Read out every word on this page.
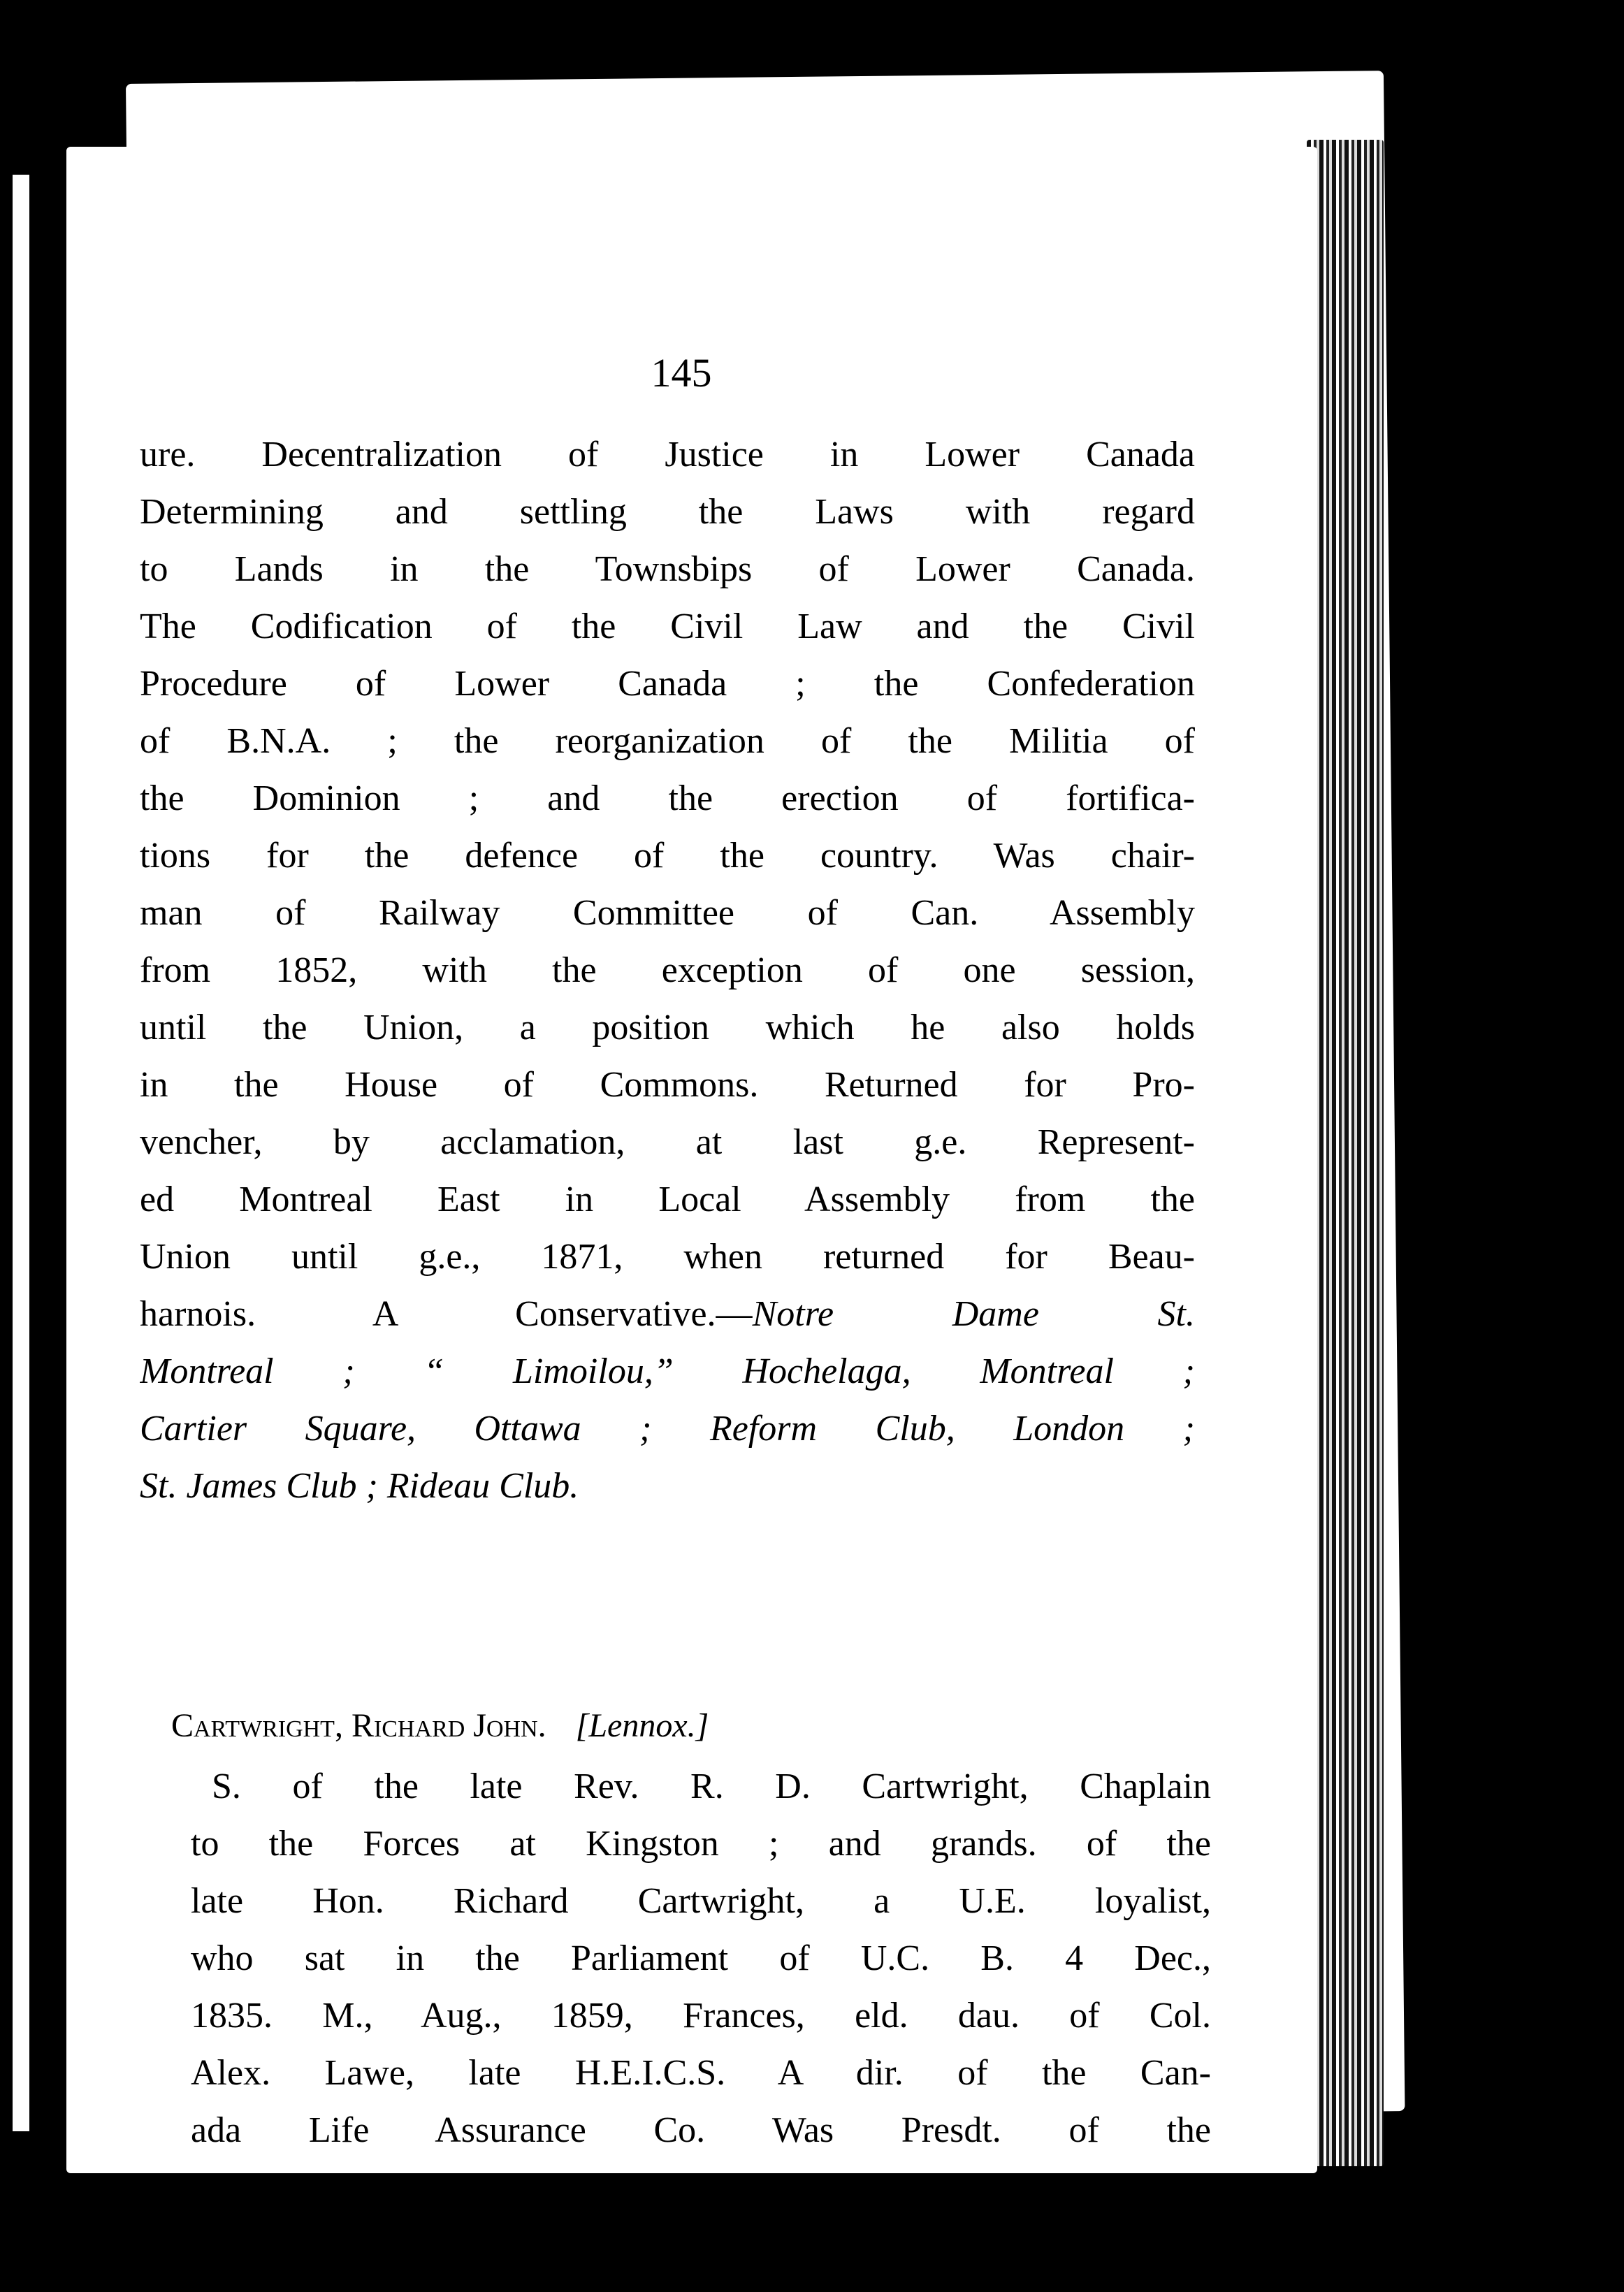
145
ure. Decentralization of Justice in Lower Canada
Determining and settling the Laws with regard
to Lands in the Townsbips of Lower Canada.
The Codification of the Civil Law and the Civil
Procedure of Lower Canada ; the Confederation
of B.N.A. ; the reorganization of the Militia of
the Dominion ; and the erection of fortifica-
tions for the defence of the country. Was chair-
man of Railway Committee of Can. Assembly
from 1852, with the exception of one session,
until the Union, a position which he also holds
in the House of Commons. Returned for Pro-
vencher, by acclamation, at last g.e. Represent-
ed Montreal East in Local Assembly from the
Union until g.e., 1871, when returned for Beau-
harnois. A Conservative.—Notre Dame St.
Montreal ; “ Limoilou,” Hochelaga, Montreal ;
Cartier Square, Ottawa ; Reform Club, London ;
St. James Club ; Rideau Club.
Cartwright, Richard John. [Lennox.]
S. of the late Rev. R. D. Cartwright, Chaplain
to the Forces at Kingston ; and grands. of the
late Hon. Richard Cartwright, a U.E. loyalist,
who sat in the Parliament of U.C. B. 4 Dec.,
1835. M., Aug., 1859, Frances, eld. dau. of Col.
Alex. Lawe, late H.E.I.C.S. A dir. of the Can-
ada Life Assurance Co. Was Presdt. of the
